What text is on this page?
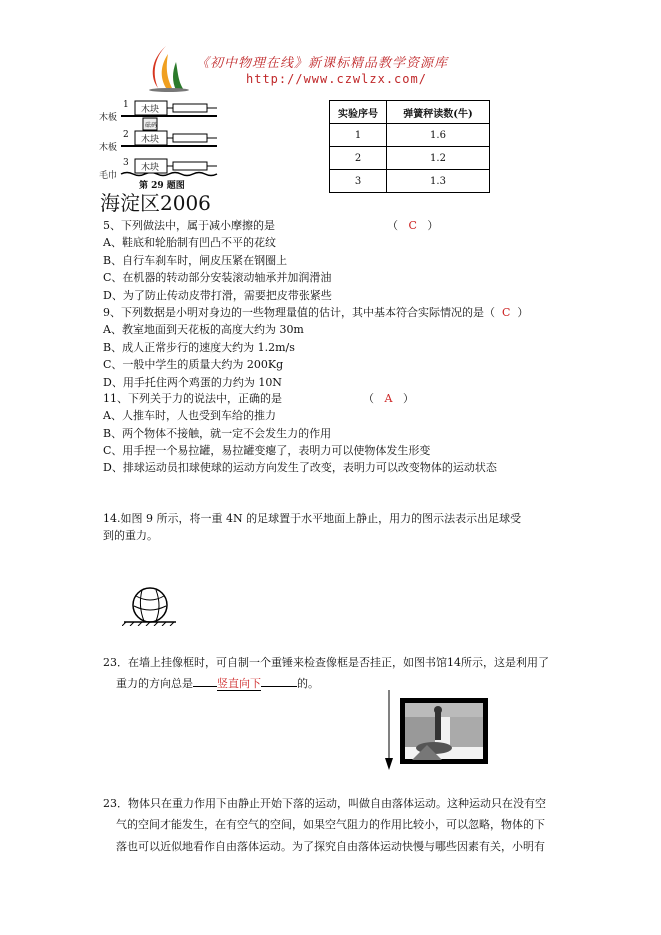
《初中物理在线》新课标精品教学资源库
http://www.czwlzx.com/
1 木块
木板
砝码
2 木块
木板
3 木块
毛巾
第 29 题图
实验序号	弹簧秤读数(牛)
1	1.6
2	1.2
3	1.3
海淀区2006
5、下列做法中，属于减小摩擦的是	（   C   ）
A、鞋底和轮胎制有凹凸不平的花纹
B、自行车刹车时，闸皮压紧在钢圈上
C、在机器的转动部分安装滚动轴承并加润滑油
D、为了防止传动皮带打滑，需要把皮带张紧些
9、下列数据是小明对身边的一些物理量值的估计，其中基本符合实际情况的是（ C  ）
A、教室地面到天花板的高度大约为 30m
B、成人正常步行的速度大约为 1.2m/s
C、一般中学生的质量大约为 200Kg
D、用手托住两个鸡蛋的力约为 10N
11、下列关于力的说法中，正确的是	（   A   ）
A、人推车时，人也受到车给的推力
B、两个物体不接触，就一定不会发生力的作用
C、用手捏一个易拉罐，易拉罐变瘪了，表明力可以使物体发生形变
D、排球运动员扣球使球的运动方向发生了改变，表明力可以改变物体的运动状态
14.如图 9 所示，将一重 4N 的足球置于水平地面上静止，用力的图示法表示出足球受
到的重力。
23．在墙上挂像框时，可自制一个重锤来检查像框是否挂正，如图书馆14所示，这是利用了
重力的方向总是 竖直向下	的。
23．物体只在重力作用下由静止开始下落的运动，叫做自由落体运动。这种运动只在没有空
气的空间才能发生，在有空气的空间，如果空气阻力的作用比较小，可以忽略，物体的下
落也可以近似地看作自由落体运动。为了探究自由落体运动快慢与哪些因素有关，小明有
